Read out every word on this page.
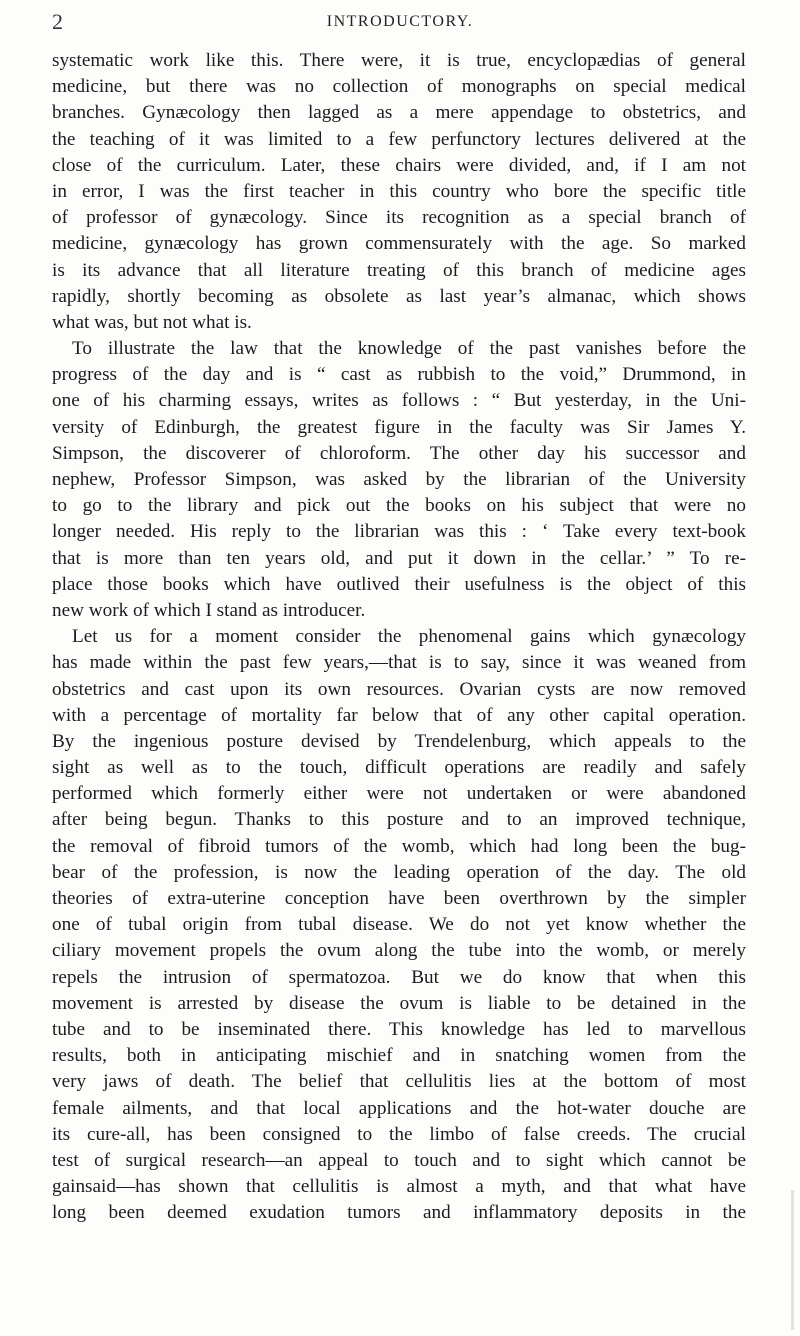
2	INTRODUCTORY.
systematic work like this. There were, it is true, encyclopædias of general
medicine, but there was no collection of monographs on special medical
branches. Gynæcology then lagged as a mere appendage to obstetrics, and
the teaching of it was limited to a few perfunctory lectures delivered at the
close of the curriculum. Later, these chairs were divided, and, if I am not
in error, I was the first teacher in this country who bore the specific title
of professor of gynæcology. Since its recognition as a special branch of
medicine, gynæcology has grown commensurately with the age. So marked
is its advance that all literature treating of this branch of medicine ages
rapidly, shortly becoming as obsolete as last year’s almanac, which shows
what was, but not what is.
To illustrate the law that the knowledge of the past vanishes before the
progress of the day and is “ cast as rubbish to the void,” Drummond, in
one of his charming essays, writes as follows : “ But yesterday, in the Uni-
versity of Edinburgh, the greatest figure in the faculty was Sir James Y.
Simpson, the discoverer of chloroform. The other day his successor and
nephew, Professor Simpson, was asked by the librarian of the University
to go to the library and pick out the books on his subject that were no
longer needed. His reply to the librarian was this : ‘ Take every text-book
that is more than ten years old, and put it down in the cellar.’ ” To re-
place those books which have outlived their usefulness is the object of this
new work of which I stand as introducer.
Let us for a moment consider the phenomenal gains which gynæcology
has made within the past few years,—that is to say, since it was weaned from
obstetrics and cast upon its own resources. Ovarian cysts are now removed
with a percentage of mortality far below that of any other capital operation.
By the ingenious posture devised by Trendelenburg, which appeals to the
sight as well as to the touch, difficult operations are readily and safely
performed which formerly either were not undertaken or were abandoned
after being begun. Thanks to this posture and to an improved technique,
the removal of fibroid tumors of the womb, which had long been the bug-
bear of the profession, is now the leading operation of the day. The old
theories of extra-uterine conception have been overthrown by the simpler
one of tubal origin from tubal disease. We do not yet know whether the
ciliary movement propels the ovum along the tube into the womb, or merely
repels the intrusion of spermatozoa. But we do know that when this
movement is arrested by disease the ovum is liable to be detained in the
tube and to be inseminated there. This knowledge has led to marvellous
results, both in anticipating mischief and in snatching women from the
very jaws of death. The belief that cellulitis lies at the bottom of most
female ailments, and that local applications and the hot-water douche are
its cure-all, has been consigned to the limbo of false creeds. The crucial
test of surgical research—an appeal to touch and to sight which cannot be
gainsaid—has shown that cellulitis is almost a myth, and that what have
long been deemed exudation tumors and inflammatory deposits in the
